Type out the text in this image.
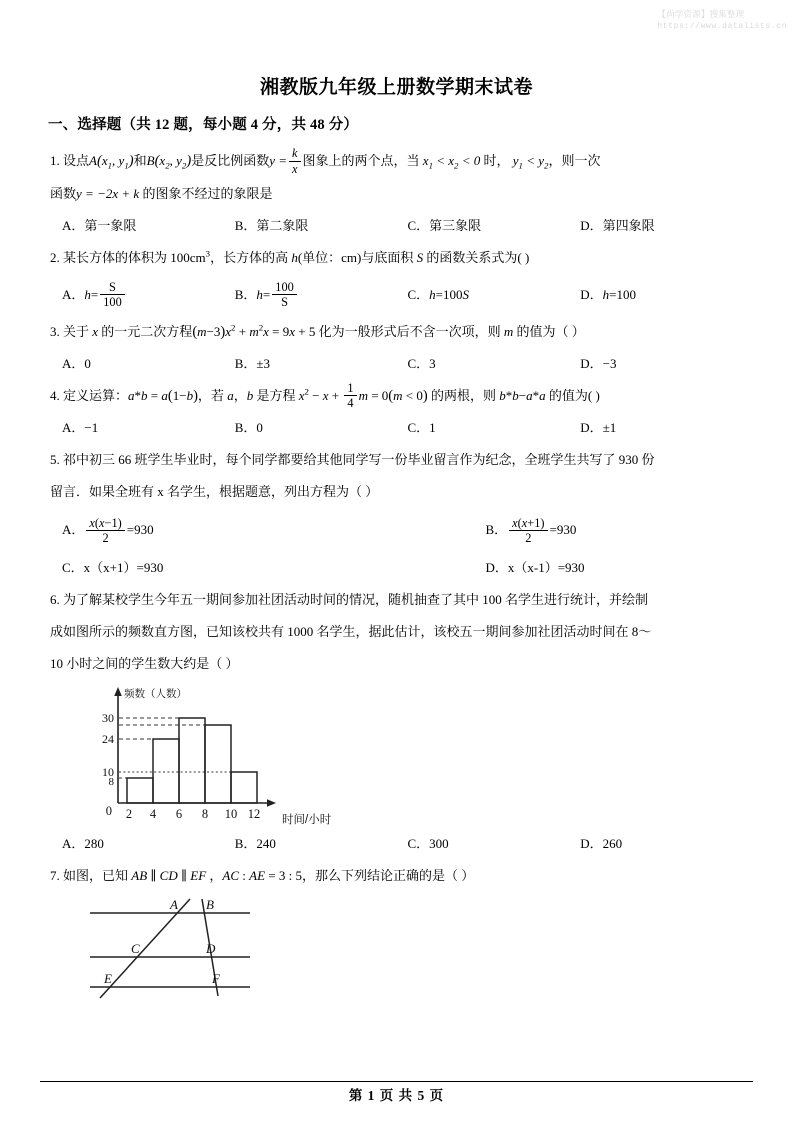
【尚学资源】搜集整理
https://www.datalists.cn
湘教版九年级上册数学期末试卷
一、选择题（共 12 题，每小题 4 分，共 48 分）
1. 设点$A(x_1$, $y_1$)和$B(x_2$, $y_2$)是反比例函数$y = \frac{k}{x}$ 图象上的两个点，当 $x_1 < x_2 < 0$ 时， $y_1 < y_2$，则一次
函数y = −2x + k 的图象不经过的象限是
A．第一象限	B．第二象限	C．第三象限	D．第四象限
2. 某长方体的体积为 $100cm^3$，长方体的高 h(单位：cm)与底面积 S 的函数关系式为( )
A．$h= \frac{S}{100}$	B．$h= \frac{100}{S}$	C．h=100S	D．h=100
3. 关于 x 的一元二次方程$(m-3)x^2 + m^2x = 9x + 5$ 化为一般形式后不含一次项，则 m 的值为（ ）
A．0	B．±3	C．3	D．−3
4. 定义运算：a*b = a(1−b)，若 a，b 是方程 $x^2 - x + \frac{1}{4}$ m = 0(m < 0) 的两根，则 b*b−a*a 的值为( )
A．−1	B．0	C．1	D．±1
5. 祁中初三 66 班学生毕业时，每个同学都要给其他同学写一份毕业留言作为纪念，全班学生共写了 930 份
留言．如果全班有 x 名学生，根据题意，列出方程为（ ）
A． $\frac{x(x-1)}{2} =930$	B． $\frac{x(x+1)}{2} =930$
C．x（x+1）=930	D．x（x‑1）=930
6. 为了解某校学生今年五一期间参加社团活动时间的情况，随机抽查了其中 100 名学生进行统计，并绘制
成如图所示的频数直方图，已知该校共有 1000 名学生，据此估计，该校五一期间参加社团活动时间在 8～
10 小时之间的学生数大约是（ ）
30
24
10
8
0 2 4 6 8 10 12
频数（人数）
时间/小时
A．280	B．240	C．300	D．260
7. 如图，已知 AB ∥ CD ∥ EF ，AC : AE = 3 : 5，那么下列结论正确的是（ ）
A B
C	D
E	F
第 1 页 共 5 页
